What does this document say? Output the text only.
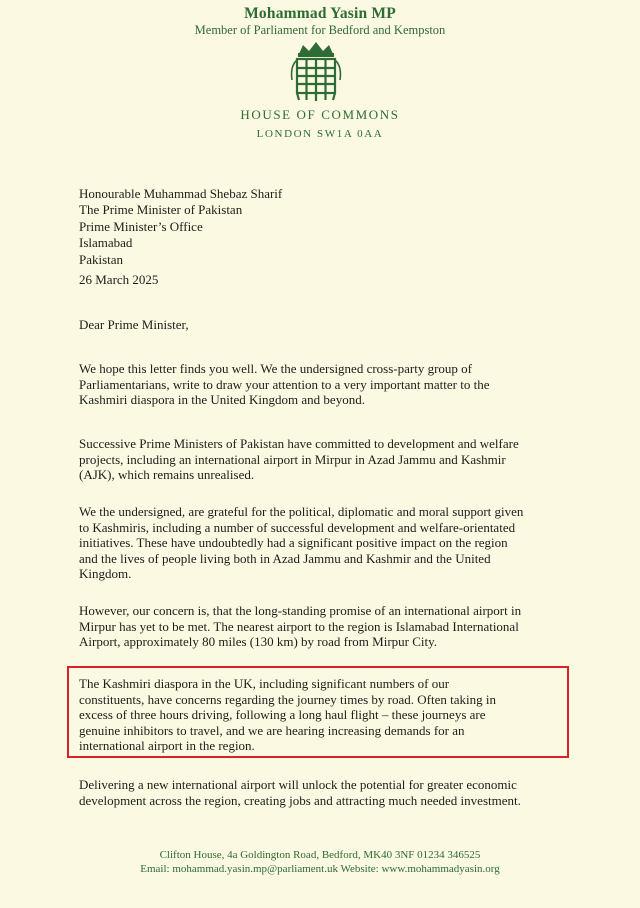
Mohammad Yasin MP
Member of Parliament for Bedford and Kempston
HOUSE OF COMMONS
LONDON SW1A 0AA
Honourable Muhammad Shebaz Sharif
The Prime Minister of Pakistan
Prime Minister’s Office
Islamabad
Pakistan
26 March 2025
Dear Prime Minister,
We hope this letter finds you well. We the undersigned cross-party group of
Parliamentarians, write to draw your attention to a very important matter to the
Kashmiri diaspora in the United Kingdom and beyond.
Successive Prime Ministers of Pakistan have committed to development and welfare
projects, including an international airport in Mirpur in Azad Jammu and Kashmir
(AJK), which remains unrealised.
We the undersigned, are grateful for the political, diplomatic and moral support given
to Kashmiris, including a number of successful development and welfare-orientated
initiatives. These have undoubtedly had a significant positive impact on the region
and the lives of people living both in Azad Jammu and Kashmir and the United
Kingdom.
However, our concern is, that the long-standing promise of an international airport in
Mirpur has yet to be met. The nearest airport to the region is Islamabad International
Airport, approximately 80 miles (130 km) by road from Mirpur City.
The Kashmiri diaspora in the UK, including significant numbers of our
constituents, have concerns regarding the journey times by road. Often taking in
excess of three hours driving, following a long haul flight – these journeys are
genuine inhibitors to travel, and we are hearing increasing demands for an
international airport in the region.
Delivering a new international airport will unlock the potential for greater economic
development across the region, creating jobs and attracting much needed investment.
Clifton House, 4a Goldington Road, Bedford, MK40 3NF 01234 346525
Email: mohammad.yasin.mp@parliament.uk Website: www.mohammadyasin.org
